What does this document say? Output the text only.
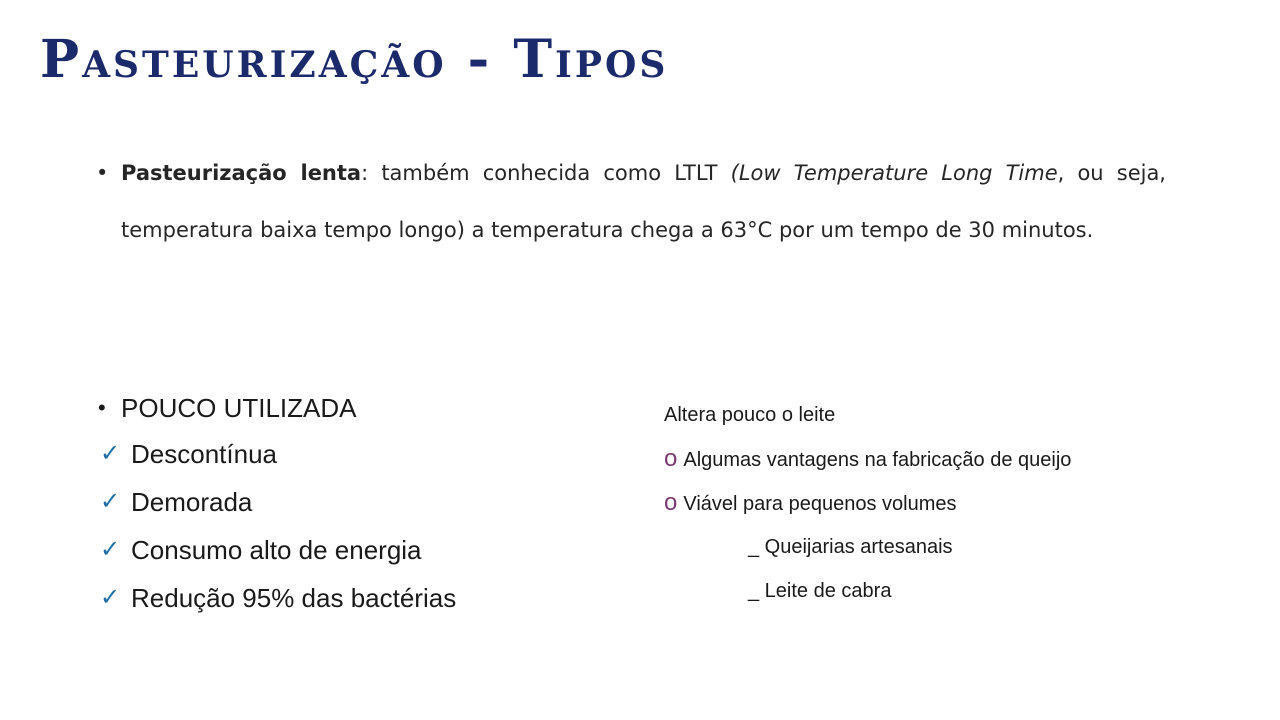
Pasteurização - Tipos

• Pasteurização lenta: também conhecida como LTLT (Low Temperature Long Time, ou seja, temperatura baixa tempo longo) a temperatura chega a 63°C por um tempo de 30 minutos.

• POUCO UTILIZADA
✓ Descontínua
✓ Demorada
✓ Consumo alto de energia
✓ Redução 95% das bactérias
Altera pouco o leite
o Algumas vantagens na fabricação de queijo
o Viável para pequenos volumes
_ Queijarias artesanais
_ Leite de cabra
